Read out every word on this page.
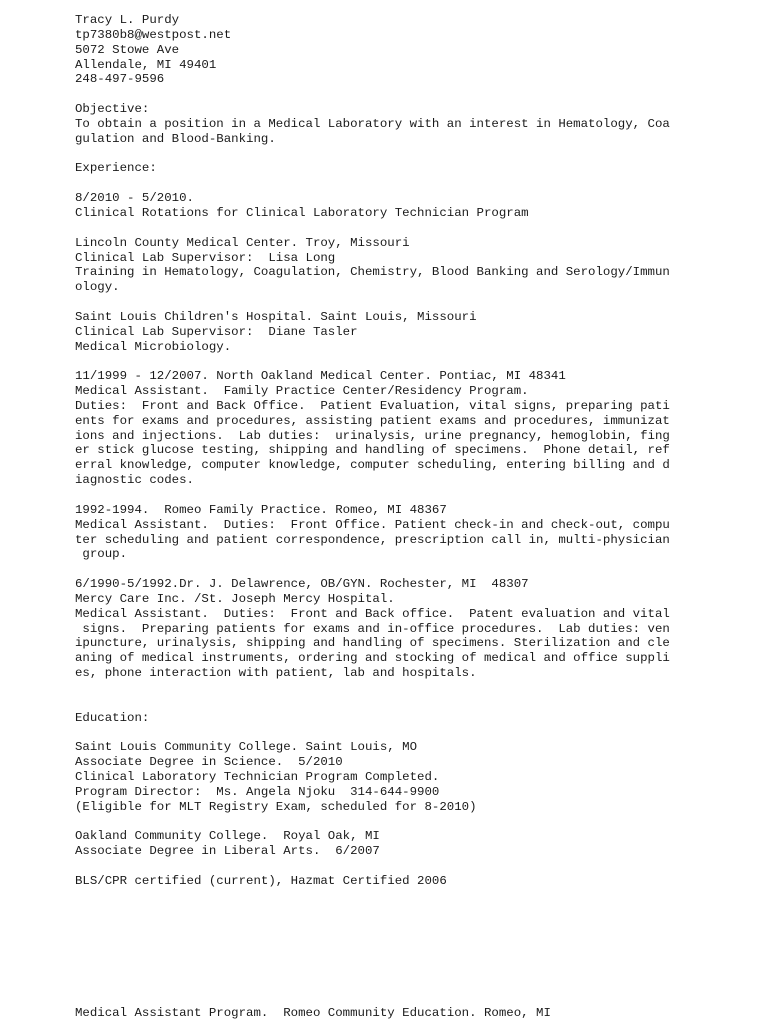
Tracy L. Purdy
tp7380b8@westpost.net
5072 Stowe Ave
Allendale, MI 49401
248-497-9596
Objective:
To obtain a position in a Medical Laboratory with an interest in Hematology, Coa
gulation and Blood-Banking.
Experience:
8/2010 - 5/2010.
Clinical Rotations for Clinical Laboratory Technician Program
Lincoln County Medical Center. Troy, Missouri
Clinical Lab Supervisor:  Lisa Long
Training in Hematology, Coagulation, Chemistry, Blood Banking and Serology/Immun
ology.
Saint Louis Children's Hospital. Saint Louis, Missouri
Clinical Lab Supervisor:  Diane Tasler
Medical Microbiology.
11/1999 - 12/2007. North Oakland Medical Center. Pontiac, MI 48341
Medical Assistant.  Family Practice Center/Residency Program.
Duties:  Front and Back Office.  Patient Evaluation, vital signs, preparing pati
ents for exams and procedures, assisting patient exams and procedures, immunizat
ions and injections.  Lab duties:  urinalysis, urine pregnancy, hemoglobin, fing
er stick glucose testing, shipping and handling of specimens.  Phone detail, ref
erral knowledge, computer knowledge, computer scheduling, entering billing and d
iagnostic codes.
1992-1994.  Romeo Family Practice. Romeo, MI 48367
Medical Assistant.  Duties:  Front Office. Patient check-in and check-out, compu
ter scheduling and patient correspondence, prescription call in, multi-physician
group.
6/1990-5/1992.Dr. J. Delawrence, OB/GYN. Rochester, MI  48307
Mercy Care Inc. /St. Joseph Mercy Hospital.
Medical Assistant.  Duties:  Front and Back office.  Patent evaluation and vital
signs.  Preparing patients for exams and in-office procedures.  Lab duties: ven
ipuncture, urinalysis, shipping and handling of specimens. Sterilization and cle
aning of medical instruments, ordering and stocking of medical and office suppli
es, phone interaction with patient, lab and hospitals.
Education:
Saint Louis Community College. Saint Louis, MO
Associate Degree in Science.  5/2010
Clinical Laboratory Technician Program Completed.
Program Director:  Ms. Angela Njoku  314-644-9900
(Eligible for MLT Registry Exam, scheduled for 8-2010)
Oakland Community College.  Royal Oak, MI
Associate Degree in Liberal Arts.  6/2007
BLS/CPR certified (current), Hazmat Certified 2006
Medical Assistant Program.  Romeo Community Education. Romeo, MI
